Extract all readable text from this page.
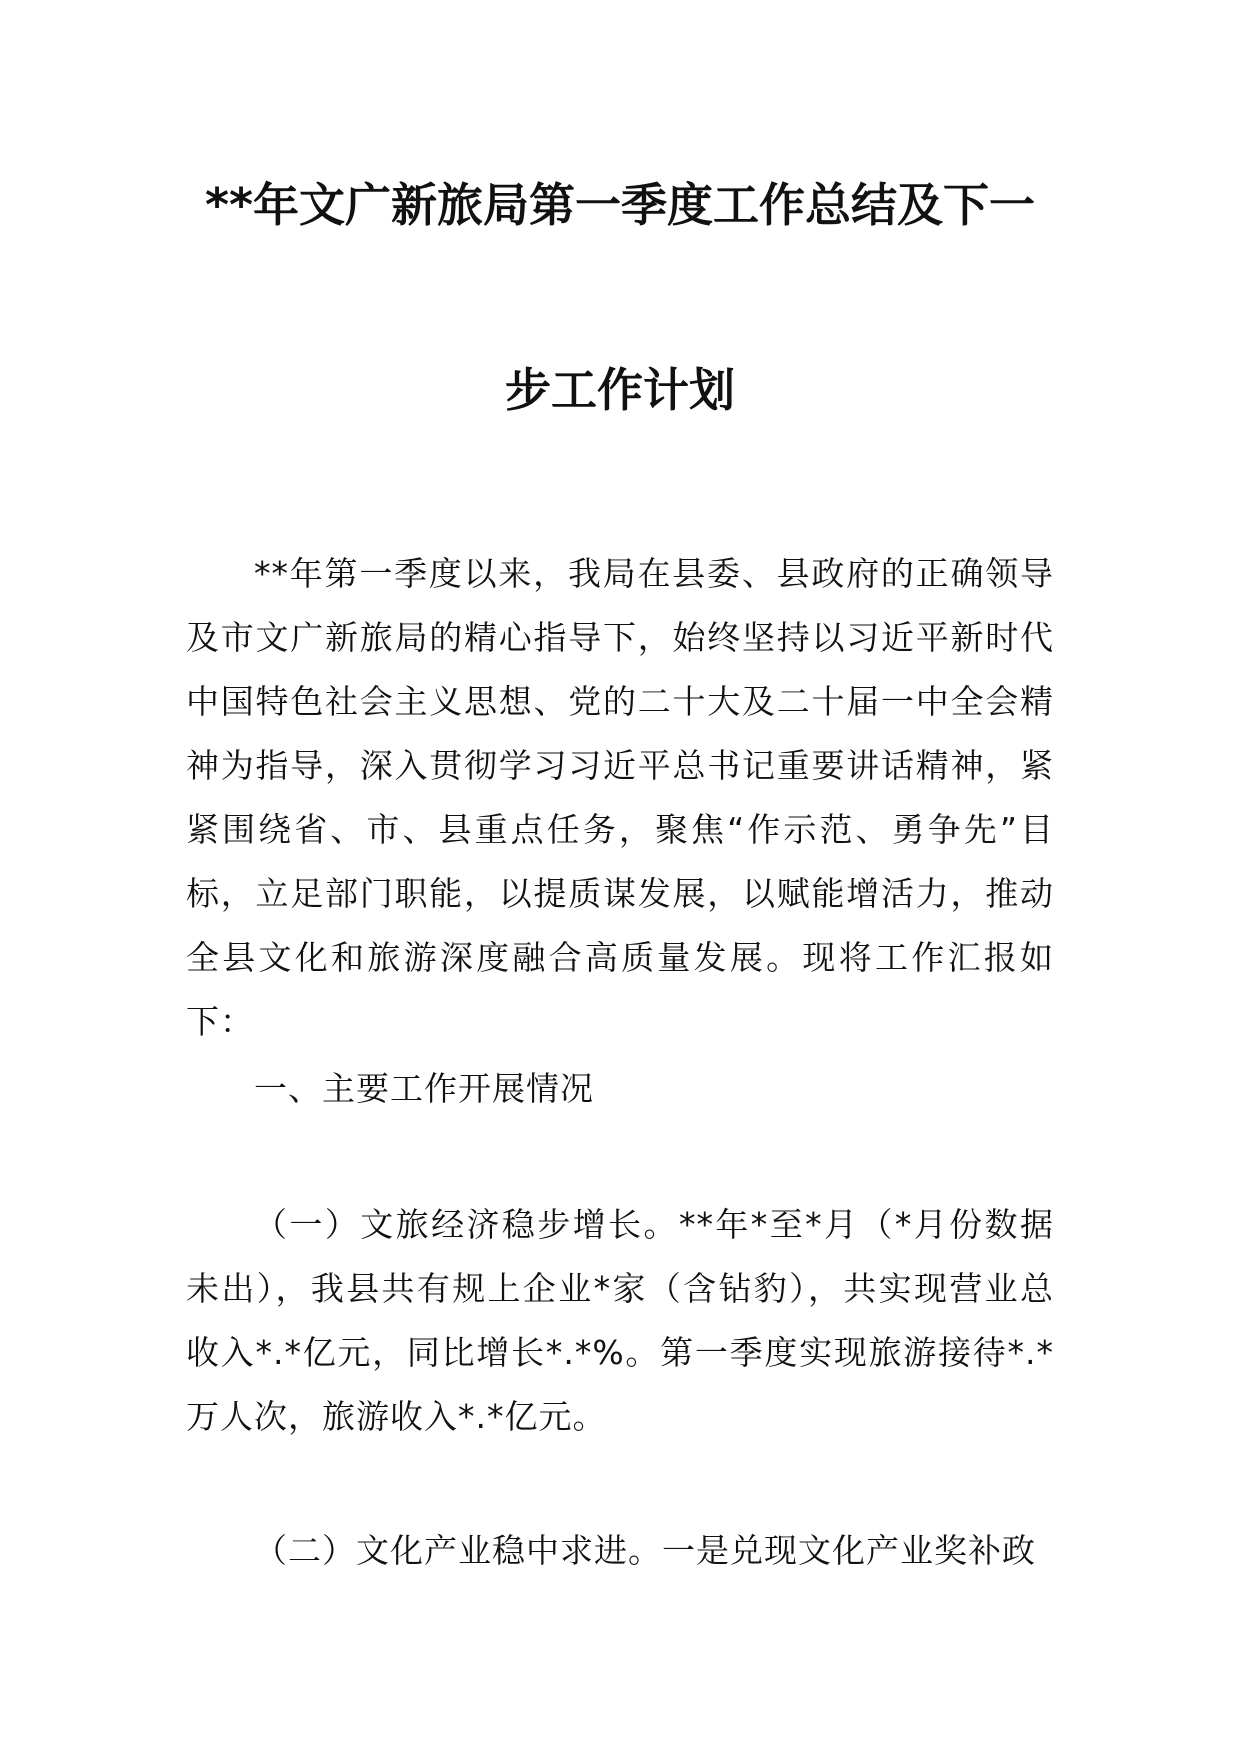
**年文广新旅局第一季度工作总结及下一
步工作计划
**年第一季度以来，我局在县委、县政府的正确领导及市文广新旅局的精心指导下，始终坚持以习近平新时代中国特色社会主义思想、党的二十大及二十届一中全会精神为指导，深入贯彻学习习近平总书记重要讲话精神，紧紧围绕省、市、县重点任务，聚焦“作示范、勇争先”目标，立足部门职能，以提质谋发展，以赋能增活力，推动全县文化和旅游深度融合高质量发展。现将工作汇报如下：
一、主要工作开展情况
（一）文旅经济稳步增长。**年*至*月（*月份数据未出），我县共有规上企业*家（含钻豹），共实现营业总收入*.*亿元，同比增长*.*%。第一季度实现旅游接待*.*万人次，旅游收入*.*亿元。
（二）文化产业稳中求进。一是兑现文化产业奖补政
